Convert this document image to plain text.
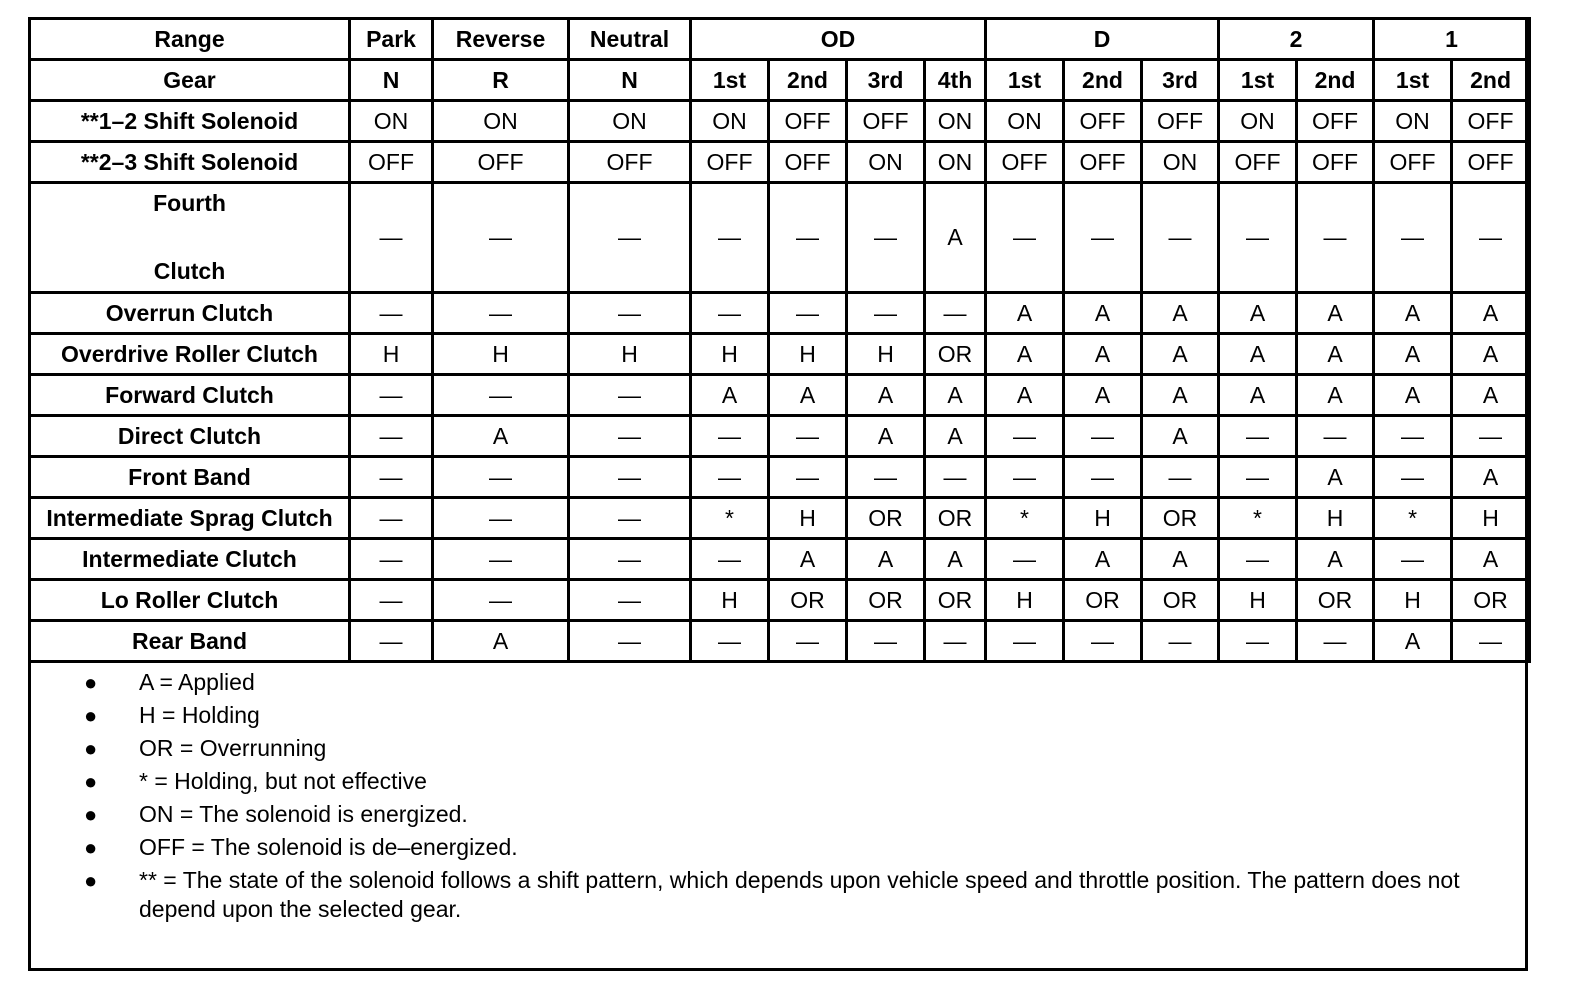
Range	Park	Reverse	Neutral	OD				D			2		1	
Gear	N	R	N	1st	2nd	3rd	4th	1st	2nd	3rd	1st	2nd	1st	2nd
**1–2 Shift Solenoid	ON	ON	ON	ON	OFF	OFF	ON	ON	OFF	OFF	ON	OFF	ON	OFF
**2–3 Shift Solenoid	OFF	OFF	OFF	OFF	OFF	ON	ON	OFF	OFF	ON	OFF	OFF	OFF	OFF

Fourth
Clutch	—	—	—	—	—	—	A	—	—	—	—	—	—	—
Overrun Clutch	—	—	—	—	—	—	—	A	A	A	A	A	A	A
Overdrive Roller Clutch	H	H	H	H	H	H	OR	A	A	A	A	A	A	A
Forward Clutch	—	—	—	A	A	A	A	A	A	A	A	A	A	A
Direct Clutch	—	A	—	—	—	A	A	—	—	A	—	—	—	—
Front Band	—	—	—	—	—	—	—	—	—	—	—	A	—	A
Intermediate Sprag Clutch	—	—	—	*	H	OR	OR	*	H	OR	*	H	*	H
Intermediate Clutch	—	—	—	—	A	A	A	—	A	A	—	A	—	A
Lo Roller Clutch	—	—	—	H	OR	OR	OR	H	OR	OR	H	OR	H	OR
Rear Band	—	A	—	—	—	—	—	—	—	—	—	—	A	—
●	A = Applied
●	H = Holding
●	OR = Overrunning
●	* = Holding, but not effective
●	ON = The solenoid is energized.
●	OFF = The solenoid is de–energized.
●	** = The state of the solenoid follows a shift pattern, which depends upon vehicle speed and throttle position. The pattern does not depend upon the selected gear.
